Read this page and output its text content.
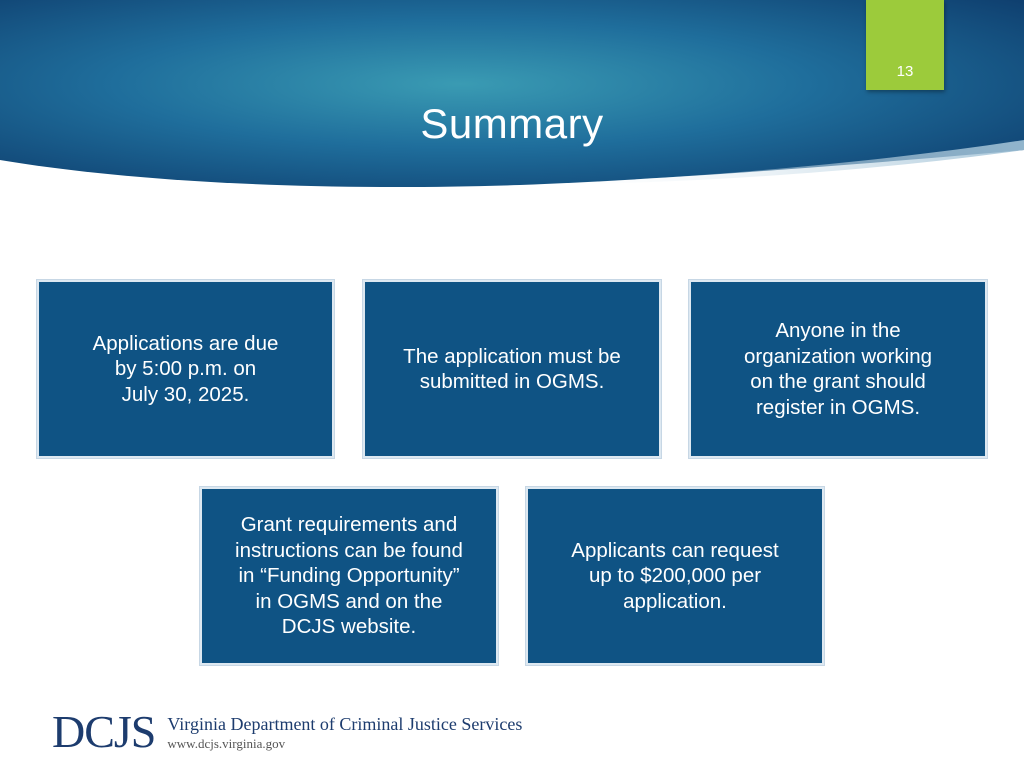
13
Summary
Applications are due
by 5:00 p.m. on
July 30, 2025.
The application must be
submitted in OGMS.
Anyone in the
organization working
on the grant should
register in OGMS.
Grant requirements and
instructions can be found
in “Funding Opportunity”
in OGMS and on the
DCJS website.
Applicants can request
up to $200,000 per
application.
DCJS Virginia Department of Criminal Justice Services
www.dcjs.virginia.gov
